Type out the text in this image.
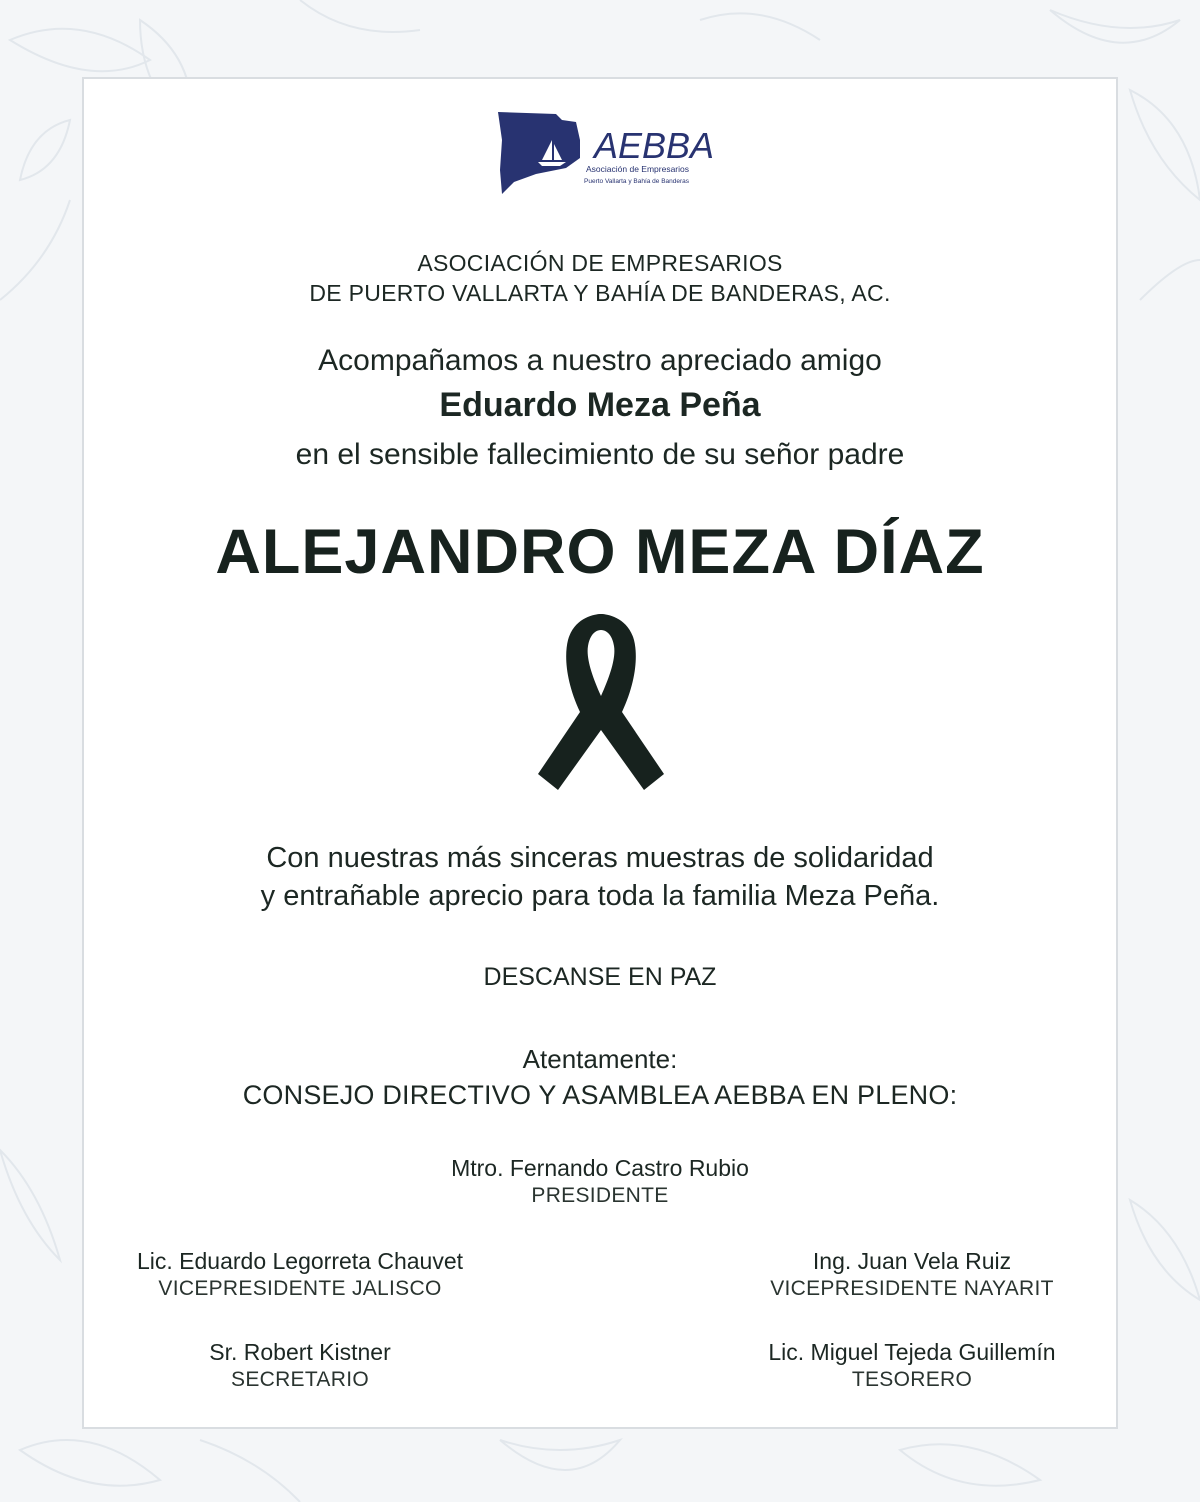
AEBBA
Asociación de Empresarios
Puerto Vallarta y Bahía de Banderas
ASOCIACIÓN DE EMPRESARIOS
DE PUERTO VALLARTA Y BAHÍA DE BANDERAS, AC.
Acompañamos a nuestro apreciado amigo
Eduardo Meza Peña
en el sensible fallecimiento de su señor padre
ALEJANDRO MEZA DÍAZ
Con nuestras más sinceras muestras de solidaridad
y entrañable aprecio para toda la familia Meza Peña.
DESCANSE EN PAZ
Atentamente:
CONSEJO DIRECTIVO Y ASAMBLEA AEBBA EN PLENO:
Mtro. Fernando Castro Rubio
PRESIDENTE
Lic. Eduardo Legorreta Chauvet
VICEPRESIDENTE JALISCO
Ing. Juan Vela Ruiz
VICEPRESIDENTE NAYARIT
Sr. Robert Kistner
SECRETARIO
Lic. Miguel Tejeda Guillemín
TESORERO
